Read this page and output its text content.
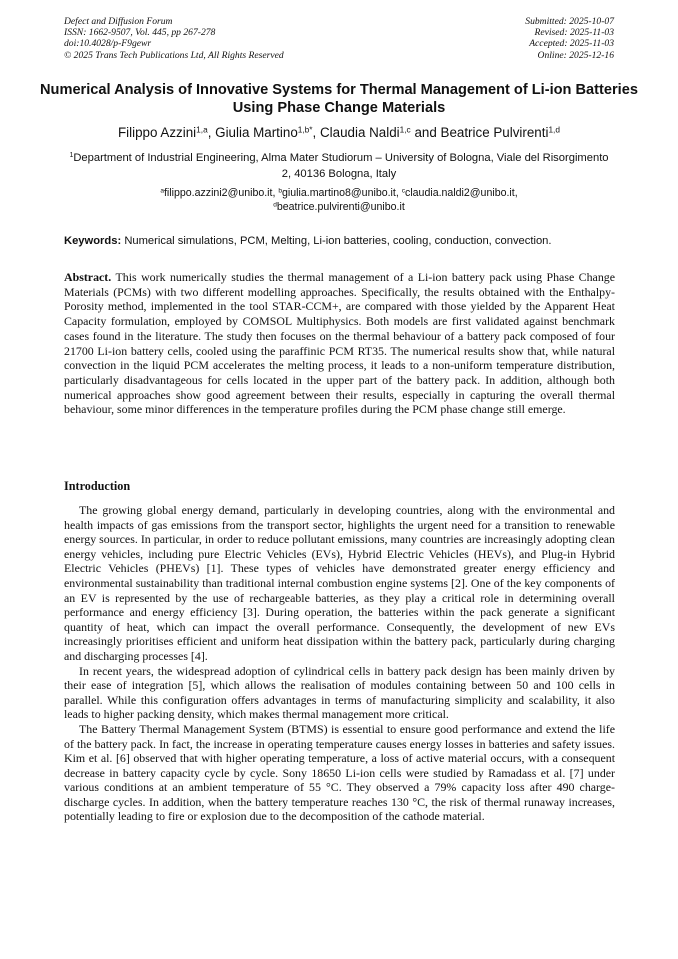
Defect and Diffusion Forum
ISSN: 1662-9507, Vol. 445, pp 267-278
doi:10.4028/p-F9gewr
© 2025 Trans Tech Publications Ltd, All Rights Reserved
Submitted: 2025-10-07
Revised: 2025-11-03
Accepted: 2025-11-03
Online: 2025-12-16
Numerical Analysis of Innovative Systems for Thermal Management of Li-ion Batteries Using Phase Change Materials
Filippo Azzini$^{1,a}$, Giulia Martino$^{1,b*}$, Claudia Naldi$^{1,c}$ and Beatrice Pulvirenti$^{1,d}$
$^1$Department of Industrial Engineering, Alma Mater Studiorum – University of Bologna, Viale del Risorgimento 2, 40136 Bologna, Italy
$^a$filippo.azzini2@unibo.it, $^b$giulia.martino8@unibo.it, $^c$claudia.naldi2@unibo.it,
$^d$beatrice.pulvirenti@unibo.it
Keywords: Numerical simulations, PCM, Melting, Li-ion batteries, cooling, conduction, convection.
Abstract. This work numerically studies the thermal management of a Li-ion battery pack using Phase Change Materials (PCMs) with two different modelling approaches. Specifically, the results obtained with the Enthalpy-Porosity method, implemented in the tool STAR-CCM+, are compared with those yielded by the Apparent Heat Capacity formulation, employed by COMSOL Multiphysics. Both models are first validated against benchmark cases found in the literature. The study then focuses on the thermal behaviour of a battery pack composed of four 21700 Li-ion battery cells, cooled using the paraffinic PCM RT35. The numerical results show that, while natural convection in the liquid PCM accelerates the melting process, it leads to a non-uniform temperature distribution, particularly disadvantageous for cells located in the upper part of the battery pack. In addition, although both numerical approaches show good agreement between their results, especially in capturing the overall thermal behaviour, some minor differences in the temperature profiles during the PCM phase change still emerge.
Introduction

The growing global energy demand, particularly in developing countries, along with the environmental and health impacts of gas emissions from the transport sector, highlights the urgent need for a transition to renewable energy sources. In particular, in order to reduce pollutant emissions, many countries are increasingly adopting clean energy vehicles, including pure Electric Vehicles (EVs), Hybrid Electric Vehicles (HEVs), and Plug-in Hybrid Electric Vehicles (PHEVs) [1]. These types of vehicles have demonstrated greater energy efficiency and environmental sustainability than traditional internal combustion engine systems [2]. One of the key components of an EV is represented by the use of rechargeable batteries, as they play a critical role in determining overall performance and energy efficiency [3]. During operation, the batteries within the pack generate a significant quantity of heat, which can impact the overall performance. Consequently, the development of new EVs increasingly prioritises efficient and uniform heat dissipation within the battery pack, particularly during charging and discharging processes [4].

In recent years, the widespread adoption of cylindrical cells in battery pack design has been mainly driven by their ease of integration [5], which allows the realisation of modules containing between 50 and 100 cells in parallel. While this configuration offers advantages in terms of manufacturing simplicity and scalability, it also leads to higher packing density, which makes thermal management more critical.

The Battery Thermal Management System (BTMS) is essential to ensure good performance and extend the life of the battery pack. In fact, the increase in operating temperature causes energy losses in batteries and safety issues. Kim et al. [6] observed that with higher operating temperature, a loss of active material occurs, with a consequent decrease in battery capacity cycle by cycle. Sony 18650 Li-ion cells were studied by Ramadass et al. [7] under various conditions at an ambient temperature of 55 °C. They observed a 79% capacity loss after 490 charge-discharge cycles. In addition, when the battery temperature reaches 130 °C, the risk of thermal runaway increases, potentially leading to fire or explosion due to the decomposition of the cathode material.
